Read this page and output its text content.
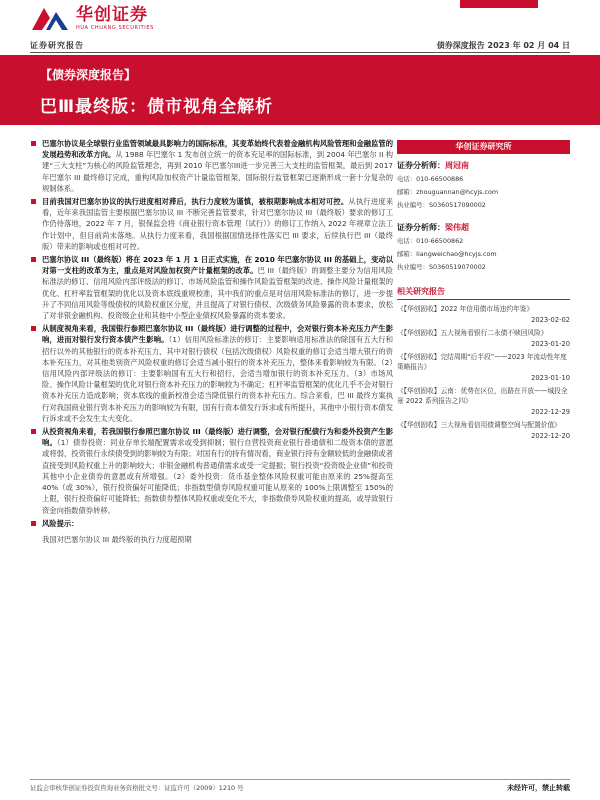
华创证券
HUA CHUANG SECURITIES
证券研究报告	债券深度报告 2023 年 02 月 04 日
【债券深度报告】
巴Ⅲ最终版：债市视角全解析
巴塞尔协议是全球银行业监管领域最具影响力的国际标准，其变革始终代表着金融机构风险管理和金融监管的发展趋势和改革方向。从 1988 年巴塞尔 1 发布创立统一的资本充足率的国际标准，到 2004 年巴塞尔 II 构建“三大支柱”为核心的风险监管理念，再到 2010 年巴塞尔III进一步完善三大支柱的监管框架，最后到 2017 年巴塞尔 III 最终修订完成，重构风险加权资产计量监管框架，国际银行监管框架已逐渐形成一套十分复杂的规制体系。
目前我国对巴塞尔协议的执行进度相对滞后，执行力度较为谨慎，被根期影响成本相对可控。从执行进度来看，近年来我国监管主要根据巴塞尔协议 III 不断完善监管要求，针对巴塞尔协议 III（最终版）要求的修订工作仍待落地，2022 年 7 月，银保监会将《商业银行资本管理（试行）》的修订工作纳入 2022 年规章立法工作计划中，但目前尚未落地。从执行力度来看，我国根据国情选择性落实巴 III 要求，后续执行巴 III（最终版）带来的影响或也相对可控。
巴塞尔协议 III（最终版）将在 2023 年 1 月 1 日正式实施，在 2010 年巴塞尔协议 III 的基础上，变动以对第一支柱的改革为主，重点是对风险加权资产计量框架的改革。巴 III（最终版）的调整主要分为信用风险标准法的修订、信用风险内部评级法的修订、市场风险监管和操作风险监管框架的改进、操作风险计量框架的优化、杠杆率监管框架的优化以及资本底线重规校准，其中我们的重点是对信用风险标准法的修订，进一步提升了不同信用风险等级债权的风险权重区分度，并且提高了对银行债权、次级债务风险暴露的资本要求，放松了对非银金融机构、投资级企业和其他中小型企业债权风险暴露的资本要求。
从制度视角来看，我国银行参照巴塞尔协议 III（最终版）进行调整的过程中，会对银行资本补充压力产生影响，进而对银行发行资本债产生影响。（1）信用风险标准法的修订：主要影响适用标准法的除国有五大行和招行以外的其他银行的资本补充压力，其中对银行债权（包括次级债权）风险权重的修订会适当增大银行的资本补充压力，对其他类别资产风险权重的修订会适当减小银行的资本补充压力，整体来看影响较为有限。（2）信用风险内部评级法的修订：主要影响国有五大行和招行，会适当增加银行的资本补充压力。（3）市场风险、操作风险计量框架的优化对银行资本补充压力的影响较为不确定；杠杆率监管框架的优化几乎不会对银行资本补充压力造成影响；资本底线的重新校准会适当降低银行的资本补充压力。综合来看，巴 III 最终方案执行对我国商业银行资本补充压力的影响较为有限，国有行资本债发行诉求或有所提升，其他中小银行资本债发行诉求或不会发生太大变化。
从投资视角来看，若我国银行参照巴塞尔协议 III（最终版）进行调整，会对银行配债行为和委外投资产生影响。（1）债券投资：同业存单长端配置需求或受到抑制；银行自营投资商业银行普通债和二级资本债的意愿或将弱，投资银行永续债受到的影响较为有限；对国有行的持有情况看，商业银行持有金额较低的金融债或者直接受到风险权重上升的影响较大；非银金融机构普通债需求或受一定提振；银行投资“投资级企业债”和投资其他中小企业债券的意愿或有所增强。（2）委外投资：货币基金整体风险权重可能由原来的 25%提高至 40%（或 30%），银行投资偏好可能降低；非指数型债券风险权重可能从原来的 100%上限调整至 150%的上限，银行投资偏好可能降低；指数债券整体风险权重或变化不大，非指数债券风险权重的提高，或导致银行资金向指数债券转移。
风险提示：
我国对巴塞尔协议 III 最终版的执行力度超预期
华创证券研究所
证券分析师：周冠南
电话：010-66500886
邮箱：zhouguannan@hcyjs.com
执业编号：S0360517090002
证券分析师：梁伟超
电话：010-66500862
邮箱：liangweichao@hcyjs.com
执业编号：S0360519070002
相关研究报告
《【华创固收】2022 年信用债市场违约年鉴》
2023-02-02
《【华创固收】五大视角看银行二永债不赎回风险》
2023-01-20
《【华创固收】完结周期“后半段”——2023 年流动性年度策略报告》
2023-01-10
《【华创固收】云南：优势在区位，出路在开放——城投全景 2022 系列报告之四》
2022-12-29
《【华创固收】三大视角看信用债调整空间与配置价值》
2022-12-20
证监会审核华创证券投资咨询业务资格批文号：证监许可（2009）1210 号	未经许可，禁止转载
